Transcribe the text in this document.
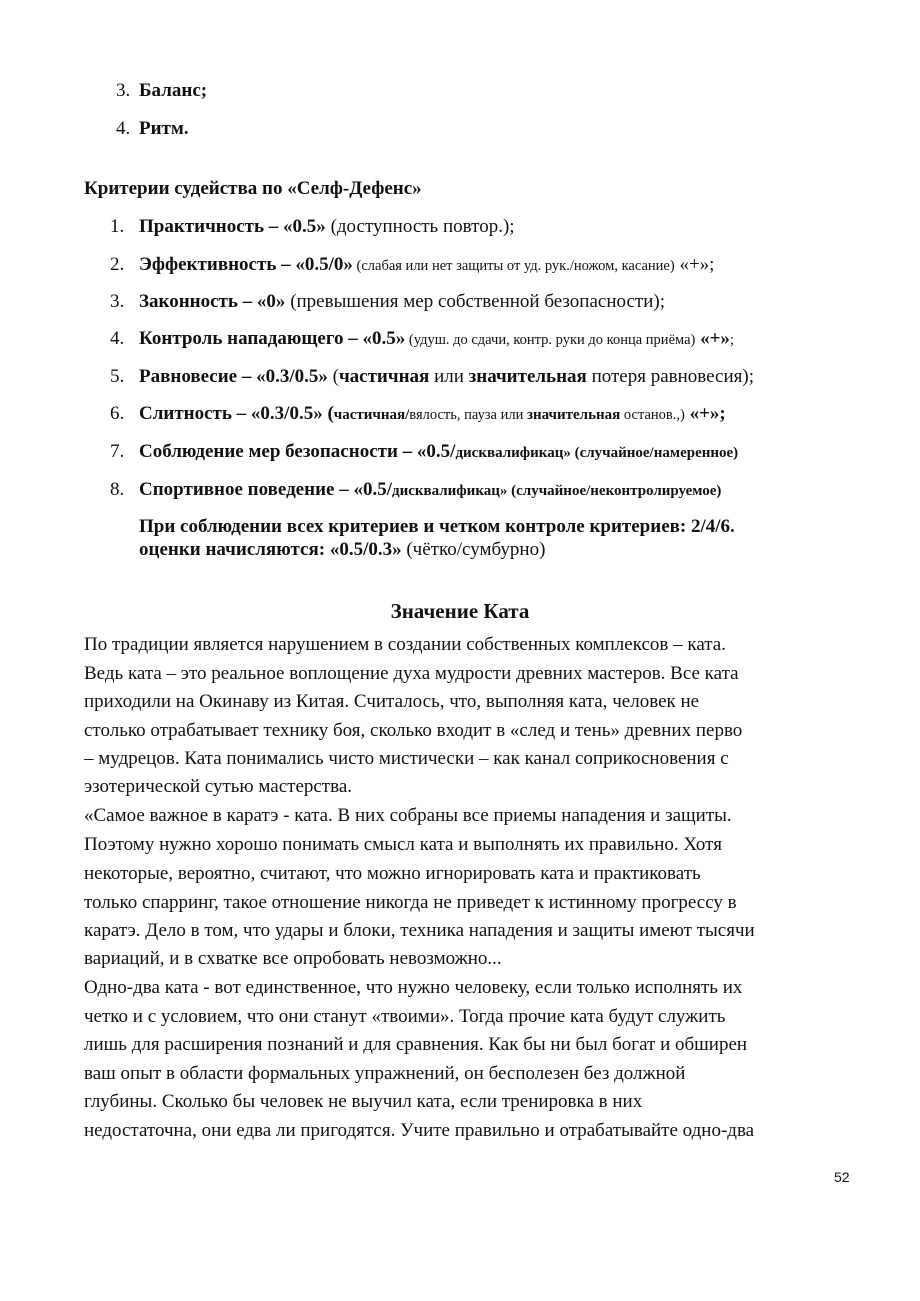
3. Баланс;
4. Ритм.
Критерии судейства по «Селф-Дефенс»
1. Практичность – «0.5» (доступность повтор.);
2. Эффективность – «0.5/0» (слабая или нет защиты от уд. рук./ножом, касание) «+»;
3. Законность – «0» (превышения мер собственной безопасности);
4. Контроль нападающего – «0.5» (удуш. до сдачи, контр. руки до конца приёма) «+»;
5. Равновесие – «0.3/0.5» (частичная или значительная потеря равновесия);
6. Слитность – «0.3/0.5» (частичная/вялость, пауза или значительная останов.,) «+»;
7. Соблюдение мер безопасности – «0.5/дисквалификац» (случайное/намеренное)
8. Спортивное поведение – «0.5/дисквалификац» (случайное/неконтролируемое)
При соблюдении всех критериев и четком контроле критериев: 2/4/6.
оценки начисляются: «0.5/0.3» (чётко/сумбурно)
Значение Ката
По традиции является нарушением в создании собственных комплексов – ката.
Ведь ката – это реальное воплощение духа мудрости древних мастеров. Все ката
приходили на Окинаву из Китая. Считалось, что, выполняя ката, человек не
столько отрабатывает технику боя, сколько входит в «след и тень» древних перво
– мудрецов. Ката понимались чисто мистически – как канал соприкосновения с
эзотерической сутью мастерства.
«Самое важное в каратэ - ката. В них собраны все приемы нападения и защиты.
Поэтому нужно хорошо понимать смысл ката и выполнять их правильно. Хотя
некоторые, вероятно, считают, что можно игнорировать ката и практиковать
только спарринг, такое отношение никогда не приведет к истинному прогрессу в
каратэ. Дело в том, что удары и блоки, техника нападения и защиты имеют тысячи
вариаций, и в схватке все опробовать невозможно...
Одно-два ката - вот единственное, что нужно человеку, если только исполнять их
четко и с условием, что они станут «твоими». Тогда прочие ката будут служить
лишь для расширения познаний и для сравнения. Как бы ни был богат и обширен
ваш опыт в области формальных упражнений, он бесполезен без должной
глубины. Сколько бы человек не выучил ката, если тренировка в них
недостаточна, они едва ли пригодятся. Учите правильно и отрабатывайте одно-два
52
